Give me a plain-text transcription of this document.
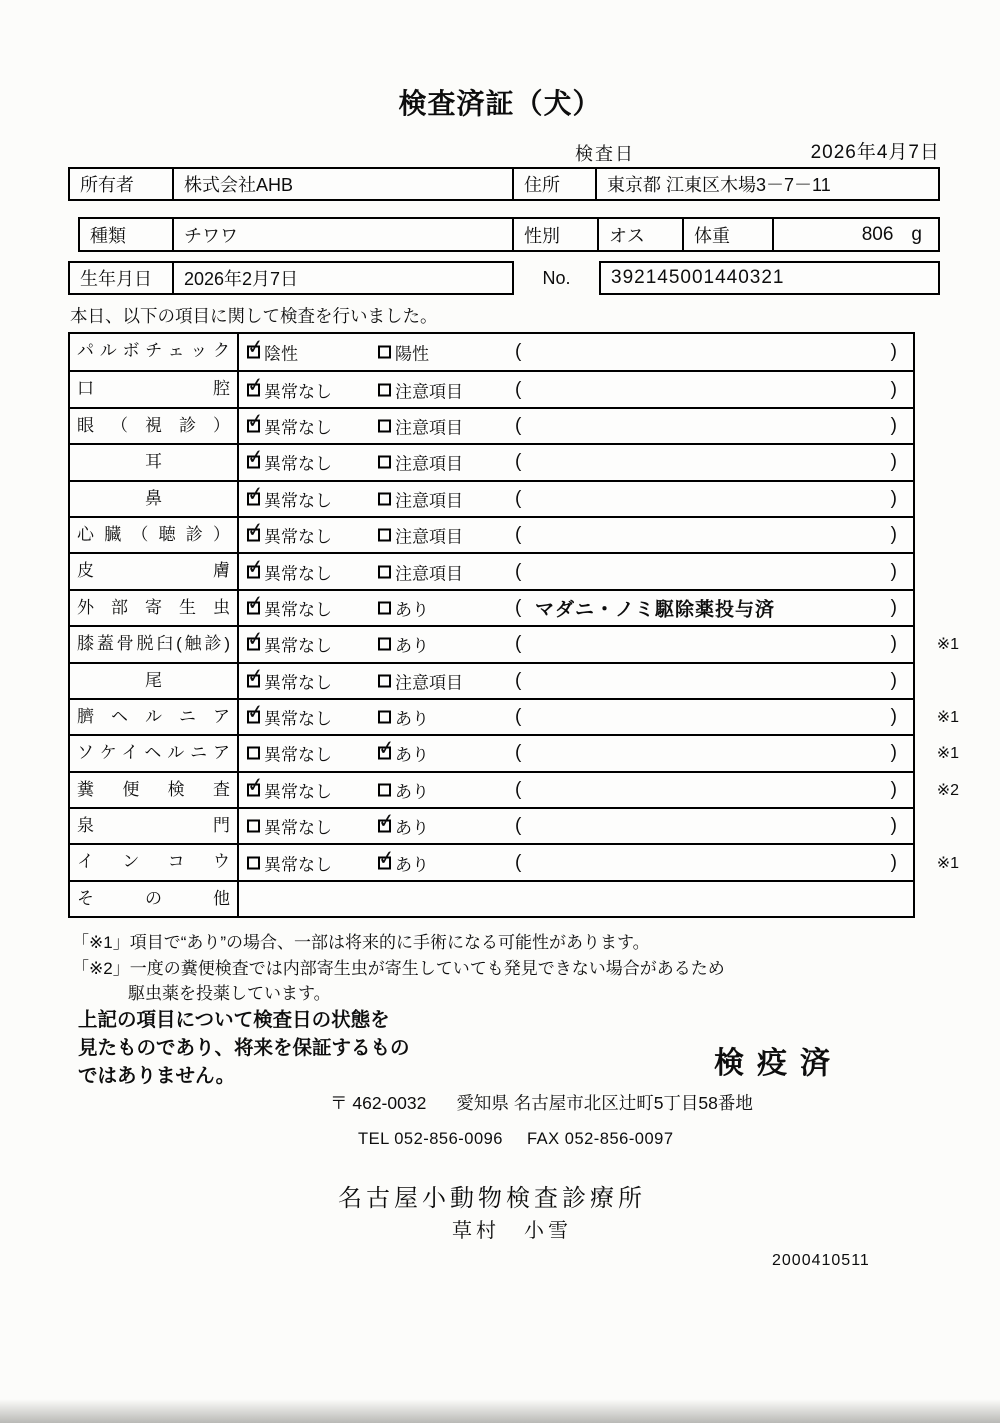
検査済証（犬）
検査日	2026年4月7日
所有者	株式会社AHB	住所	東京都 江東区木場3－7－11
種類	チワワ	性別	オス	体重	806 g
生年月日	2026年2月7日	No.	392145001440321
本日、以下の項目に関して検査を行いました。
パルボチェック ✓ 陰性	陽性	(	)
口腔 ✓ 異常なし	注意項目	(	)
眼（視診） ✓ 異常なし	注意項目	(	)
耳	✓ 異常なし	注意項目	(	)
鼻	✓ 異常なし	注意項目	(	)
心臓（聴診） ✓ 異常なし	注意項目	(	)
皮膚 ✓ 異常なし	注意項目	(	)
外部寄生虫 ✓ 異常なし	あり	( マダニ・ノミ駆除薬投与済	)
膝蓋骨脱臼(触診) ✓ 異常なし	あり	(	) ※1
尾	✓ 異常なし	注意項目	(	)
臍ヘルニア ✓ 異常なし	あり	(	) ※1
ソケイヘルニア	異常なし ✓ あり	(	) ※1
糞便検査 ✓ 異常なし	あり	(	) ※2
泉門	異常なし ✓ あり	(	)
インコウ	異常なし ✓ あり	(	) ※1
その他
「※1」項目で“あり”の場合、一部は将来的に手術になる可能性があります。
「※2」一度の糞便検査では内部寄生虫が寄生していても発見できない場合があるため
駆虫薬を投薬しています。
上記の項目について検査日の状態を
見たものであり、将来を保証するもの
ではありません。	検疫済
〒 462-0032 愛知県 名古屋市北区辻町5丁目58番地
TEL 052-856-0096 FAX 052-856-0097
名古屋小動物検査診療所
草村　小雪
2000410511
